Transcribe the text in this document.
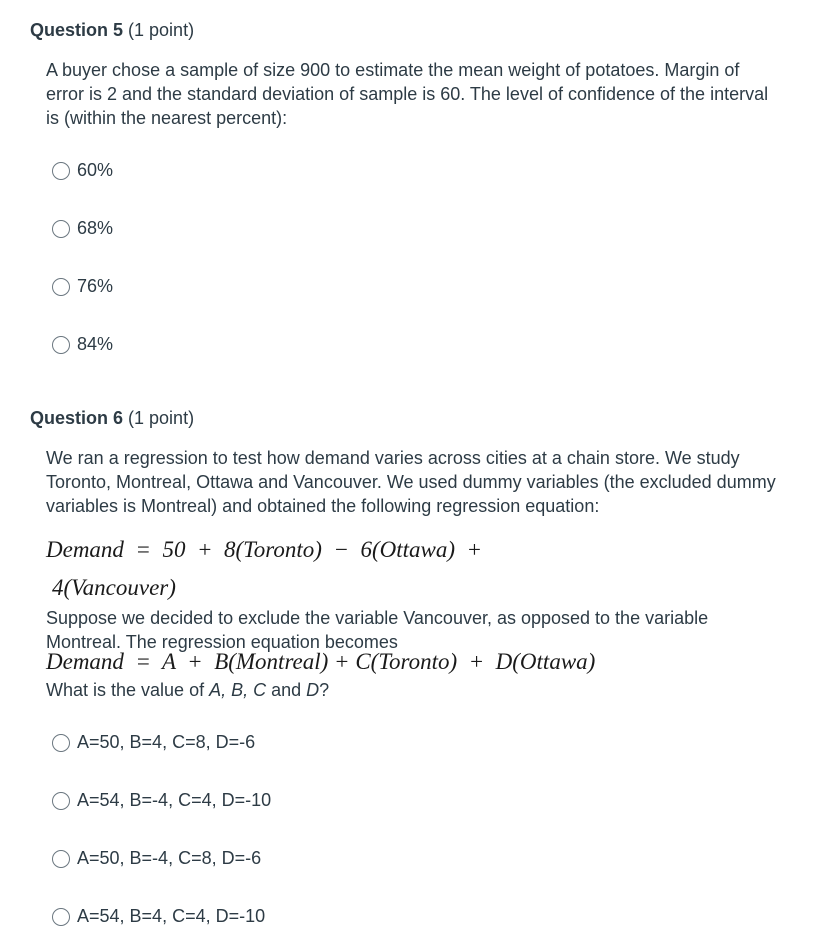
Question 5 (1 point)
A buyer chose a sample of size 900 to estimate the mean weight of potatoes. Margin of error is 2 and the standard deviation of sample is 60. The level of confidence of the interval is (within the nearest percent):
60%
68%
76%
84%
Question 6 (1 point)
We ran a regression to test how demand varies across cities at a chain store. We study Toronto, Montreal, Ottawa and Vancouver. We used dummy variables (the excluded dummy variables is Montreal) and obtained the following regression equation:
Demand  =  50  +  8(Toronto)  −  6(Ottawa)  +
4(Vancouver)
Suppose we decided to exclude the variable Vancouver, as opposed to the variable Montreal. The regression equation becomes
Demand  =  A  +  B(Montreal) + C(Toronto)  +  D(Ottawa)
What is the value of A, B, C and D?
A=50, B=4, C=8, D=-6
A=54, B=-4, C=4, D=-10
A=50, B=-4, C=8, D=-6
A=54, B=4, C=4, D=-10
